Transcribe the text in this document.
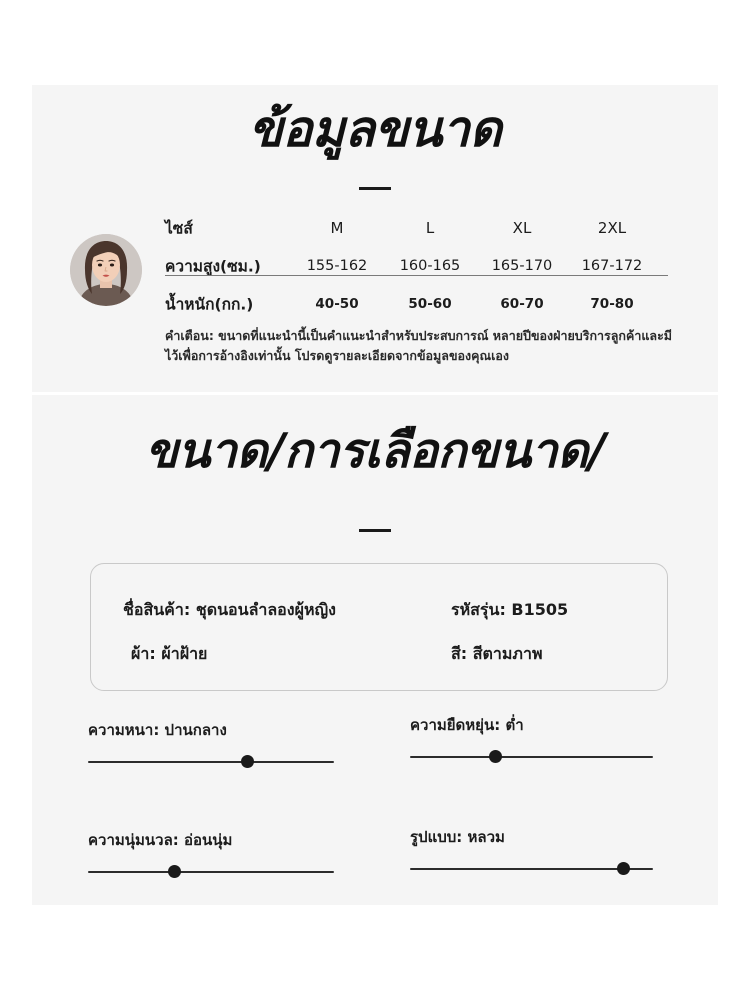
ข้อมูลขนาด
ไซส์	M	L	XL	2XL
ความสูง(ซม.)	155-162 160-165 165-170 167-172
น้ำหนัก(กก.)	40-50	50-60	60-70	70-80
คำเตือน: ขนาดที่แนะนำนี้เป็นคำแนะนำสำหรับประสบการณ์ หลายปีของฝ่ายบริการลูกค้าและมีไว้เพื่อการอ้างอิงเท่านั้น โปรดดูรายละเอียดจากข้อมูลของคุณเอง
ขนาด/การเลือกขนาด/
ชื่อสินค้า: ชุดนอนลำลองผู้หญิง	รหัสรุ่น: B1505
ผ้า: ผ้าฝ้าย	สี: สีตามภาพ
ความหนา: ปานกลาง	ความยืดหยุ่น: ต่ำ
ความนุ่มนวล: อ่อนนุ่ม	รูปแบบ: หลวม
